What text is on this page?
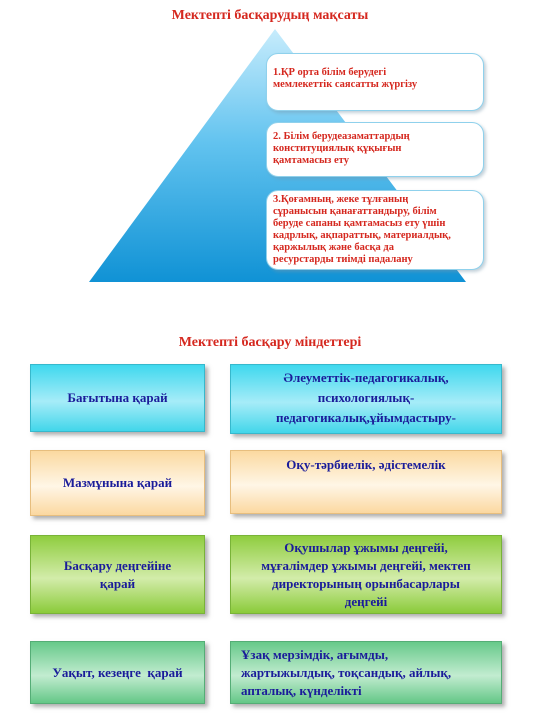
Мектепті басқарудың мақсаты
1.ҚР орта білім берудегі
мемлекеттік саясатты жүргізу
2. Білім берудеазаматтардың
конституциялық құқығын
қамтамасыз ету
3.Қоғамның, жеке тұлғаның
сұранысын қанағаттандыру, білім
беруде сапаны қамтамасыз ету үшін
кадрлық, ақпараттық, материалдық,
қаржылық және басқа да
ресурстарды тиімді падалану
Мектепті басқару міндеттері
Бағытына қарай
Әлеуметтік-педагогикалық,
психологиялық-
педагогикалық,ұйымдастыру-
Мазмұнына қарай
Оқу-тәрбиелік, әдістемелік
Басқару деңгейіне
қарай
Оқушылар ұжымы деңгейі,
мұғалімдер ұжымы деңгейі, мектеп
директорының орынбасарлары
деңгейі
Уақыт, кезеңге  қарай
Ұзақ мерзімдік, ағымды,
жартыжылдық, тоқсандық, айлық,
апталық, күнделікті
